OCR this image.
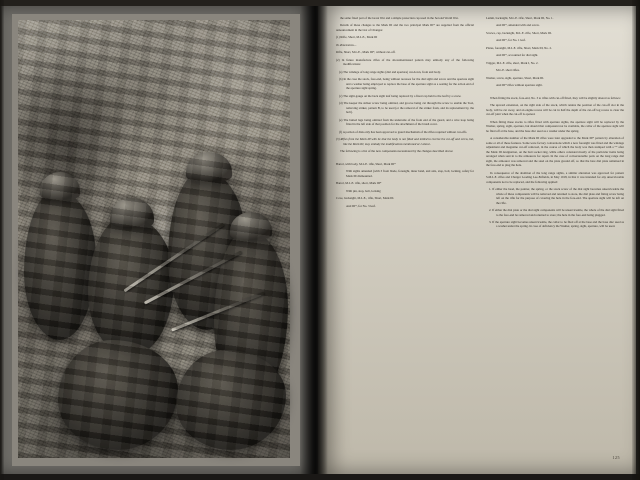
the same fixed part of the Great War and a simple protection cap used in the Second World War.

Details of these changes to the Mark III and the two principal Mark III* are supplied from the official announcement in the List of Changes:

(1) Rifle, Short, M.L.E., Mark III

To dimensions—

Rifle, Short, M.L.E., Mark III*, without cut-off.

(2) In future manufacture rifles of the abovementioned pattern may embody any of the following modifications:

(a) The windage of long range sights (dial and aperture) cut-down, front and body.

(b) In the case the stock, fore-end, being without recesses for the dial sight and screw and the aperture sight and a washer being employed to replace the base of the aperture sight as a seating for the action end of the aperture sight spring.

(c) The sight-gauge on the back sight leaf being replaced by a fixed cap held to the leaf by a screw.

(d) The keeper the striker screw being omitted, and groove being cut through the screw to enable the Tool, removing striker, pattern B, to be used (or the removal of the striker from, and its replacement by, the bolt).

(e) The butted lugs being omitted from the underside of the front end of the guard, and a wire loop being fitted in the left side of that position for the attachment of the brush cover.

(f) A portion of disk only has been approved to guard mechanism of the rifles required without cut-offs.

(3) Rifles from the Mark III with be that the body is not fitted and milled to receive the cut-off and screw, but, like the Mark III, may embody the modifications mentioned at 1 above.

The following is a list of the new components necessitated by the changes described above:

Barrel, with body, M.L.E. rifle, Short, Mark III*

With sights amended (with 3 front blade, foresight, inner band, and axis, stop, bolt, locking, safety for Mark III dismounted.

Barrel, M.L.E. rifle, short, Mark III*

With pin, stop, bolt, locking

Cove, backsight, M.L.E., rifle, Short, Mark III.

And III*, for No. 3 leaf.

Lamm, backsight, M.L.E. rifle, Short, Mark III, No. 1.

And III*, amended with and screw.

Screws, cap, backsight, M.L.E. rifle, Short, Mark III.

And III*, for No. 1 leaf.

Plates, foresight, M.L.E. rifle, Short, Mark III, No. 2.

And III*, accounted for dial sight.

Trigger, M.L.E. rifle, short, Mark I, No. 2.

M.L.E. short rifles.

Washer, screw, sight, aperture, Short, Mark III.

And III* rifles without aperture sight.

When fitting the stock, fore-end, No. 3 to rifles with cut-off fitted, they will be slightly altered as follows:

The upward extension, on the right side of the stock, which retains the position of the cut-off slot in the body, will be cut away, and an engine recess will be cut in half the depth of the cut-off log recess to clear the cut-off joint when the cut-off is opened.

When fitting these stocks to rifles fitted with aperture sights, the aperture sight will be replaced by the Washer, spring, sight, aperture, but should that component not be available, the collar of the aperture sight will be filed off at the base, and the base disc used as a washer under the spring.

A considerable number of the Mark III rifles were later upgraded to the Mark III* pattern by alteration of some or all of these features. Some were factory conversions which a new foresight was fitted and the windage adjustment and magazine cut-off removed, in the course of which the body was then stamped with a '*' after the Mark III designation, on the butt socket ring, while others consisted mostly of the particular items being arranged when sent in to the armourers for repair. In the case of conversionable parts on the long range dial sight, the armourer was removed and the steel on the plate ground off, so that the bare dial plate remained in the fore-end to plug the hole.

In consequence of the abolition of the long range sights, a similar alteration was approved for pattern S.M.L.E. rifles and Charger Loading Lee-Enfields, in May 1918, in that it was intended for any unserviceable components not to be replaced, and the following applied:

1. If either the bead, the pointer, the spring, or the stock screw of the dial sight becomes unserviceable the whole of these components will be removed and returned to store, the dial plate and fixing screw being left on the rifle for the purpose of covering the hole in the fore-end. The aperture sight will be left on the rifle.

2. If either the dial plate or the dial sight components will be unserviceable, the whole of the dial sight fitted to the fore-end be removed and returned to store; the hole in the fore-end being plugged.

3. If the aperture sight becomes unserviceable, the collar to be filed off at the base and the base disc used as a washer under the spring. In case of deficiency the Washer, spring, sight, aperture, will be used.

125
